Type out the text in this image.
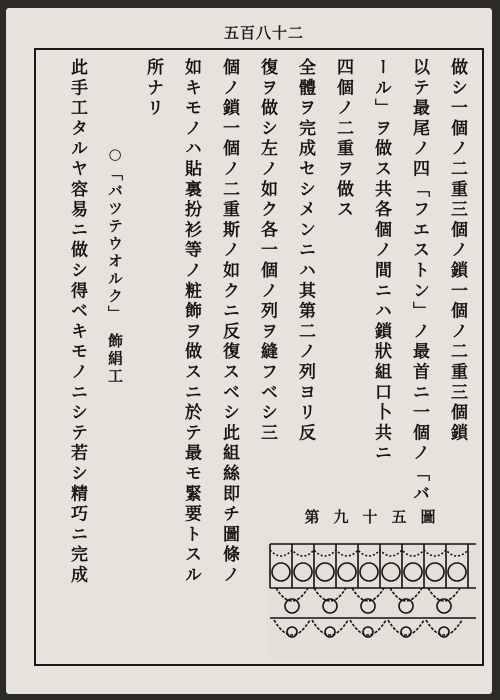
五百八十二
做シ一個ノ二重三個ノ鎖一個ノ二重三個鎖
以テ最尾ノ四「フエストン」ノ最首ニ一個ノ「バ
ール」ヲ做ス共各個ノ間ニハ鎖狀組口卜共ニ
四個ノ二重ヲ做ス
全體ヲ完成セシメンニハ其第二ノ列ヨリ反
復ヲ做シ左ノ如ク各一個ノ列ヲ縫フベシ三
個ノ鎖一個ノ二重斯ノ如クニ反復スベシ此組絲即チ圖條ノ
如キモノハ貼裏扮衫等ノ粧飾ヲ做スニ於テ最モ緊要トスル
所ナリ
○「バツテウオルク」　飾絹工
此手工タルヤ容易ニ做シ得ベキモノニシテ若シ精巧ニ完成	第九十五圖
